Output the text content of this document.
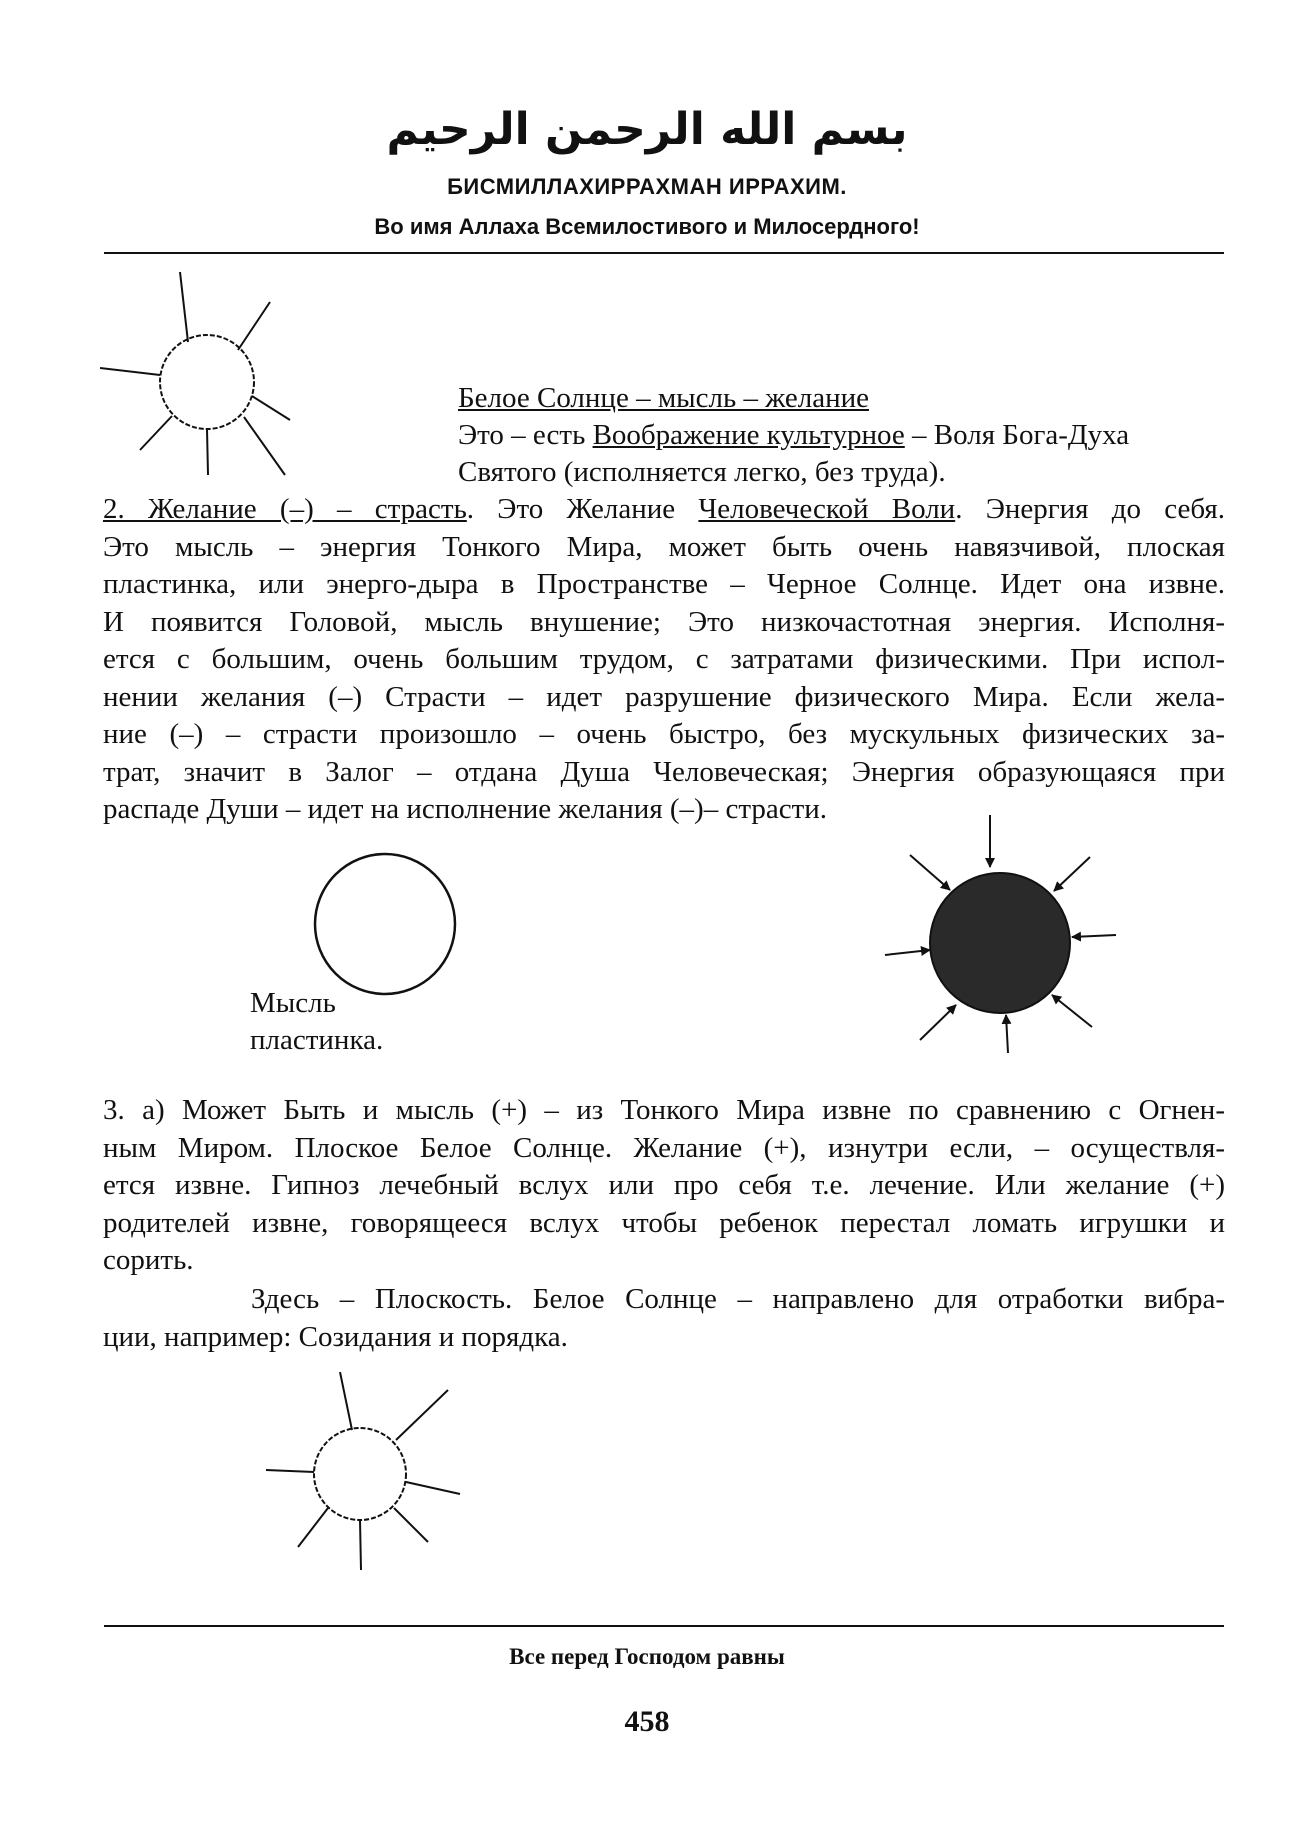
بسم الله الرحمن الرحيم
БИСМИЛЛАХИРРАХМАН ИРРАХИМ.
Во имя Аллаха Всемилостивого и Милосердного!
Белое Солнце – мысль – желание
Это – есть Воображение культурное – Воля Бога-Духа
Святого (исполняется легко, без труда).
2. Желание (–) – страсть. Это Желание Человеческой Воли. Энергия до себя.
Это мысль – энергия Тонкого Мира, может быть очень навязчивой, плоская
пластинка, или энерго-дыра в Пространстве – Черное Солнце. Идет она извне.
И появится Головой, мысль внушение; Это низкочастотная энергия. Исполня-
ется с большим, очень большим трудом, с затратами физическими. При испол-
нении желания (–) Страсти – идет разрушение физического Мира. Если жела-
ние (–) – страсти произошло – очень быстро, без мускульных физических за-
трат, значит в Залог – отдана Душа Человеческая; Энергия образующаяся при
распаде Души – идет на исполнение желания (–)– страсти.
Мысль
пластинка.
3. а) Может Быть и мысль (+) – из Тонкого Мира извне по сравнению с Огнен-
ным Миром. Плоское Белое Солнце. Желание (+), изнутри если, – осуществля-
ется извне. Гипноз лечебный вслух или про себя т.е. лечение. Или желание (+)
родителей извне, говорящееся вслух чтобы ребенок перестал ломать игрушки и
сорить.
Здесь – Плоскость. Белое Солнце – направлено для отработки вибра-
ции, например: Созидания и порядка.
Все перед Господом равны
458
